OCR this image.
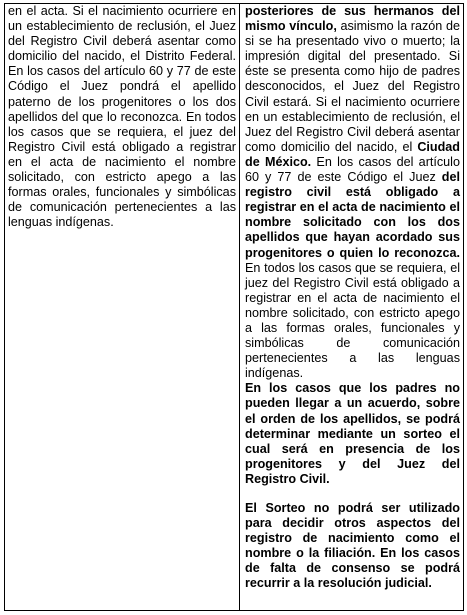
en el acta. Si el nacimiento ocurriere en un establecimiento de reclusión, el Juez del Registro Civil deberá asentar como domicilio del nacido, el Distrito Federal. En los casos del artículo 60 y 77 de este Código el Juez pondrá el apellido paterno de los progenitores o los dos apellidos del que lo reconozca. En todos los casos que se requiera, el juez del Registro Civil está obligado a registrar en el acta de nacimiento el nombre solicitado, con estricto apego a las formas orales, funcionales y simbólicas de comunicación pertenecientes a las lenguas indígenas.

posteriores de sus hermanos del mismo vínculo, asimismo la razón de si se ha presentado vivo o muerto; la impresión digital del presentado. Si éste se presenta como hijo de padres desconocidos, el Juez del Registro Civil estará. Si el nacimiento ocurriere en un establecimiento de reclusión, el Juez del Registro Civil deberá asentar como domicilio del nacido, el Ciudad de México. En los casos del artículo 60 y 77 de este Código el Juez del registro civil está obligado a registrar en el acta de nacimiento el nombre solicitado con los dos apellidos que hayan acordado sus progenitores o quien lo reconozca. En todos los casos que se requiera, el juez del Registro Civil está obligado a registrar en el acta de nacimiento el nombre solicitado, con estricto apego a las formas orales, funcionales y simbólicas de comunicación pertenecientes a las lenguas indígenas.

En los casos que los padres no pueden llegar a un acuerdo, sobre el orden de los apellidos, se podrá determinar mediante un sorteo el cual será en presencia de los progenitores y del Juez del Registro Civil.

El Sorteo no podrá ser utilizado para decidir otros aspectos del registro de nacimiento como el nombre o la filiación. En los casos de falta de consenso se podrá recurrir a la resolución judicial.
